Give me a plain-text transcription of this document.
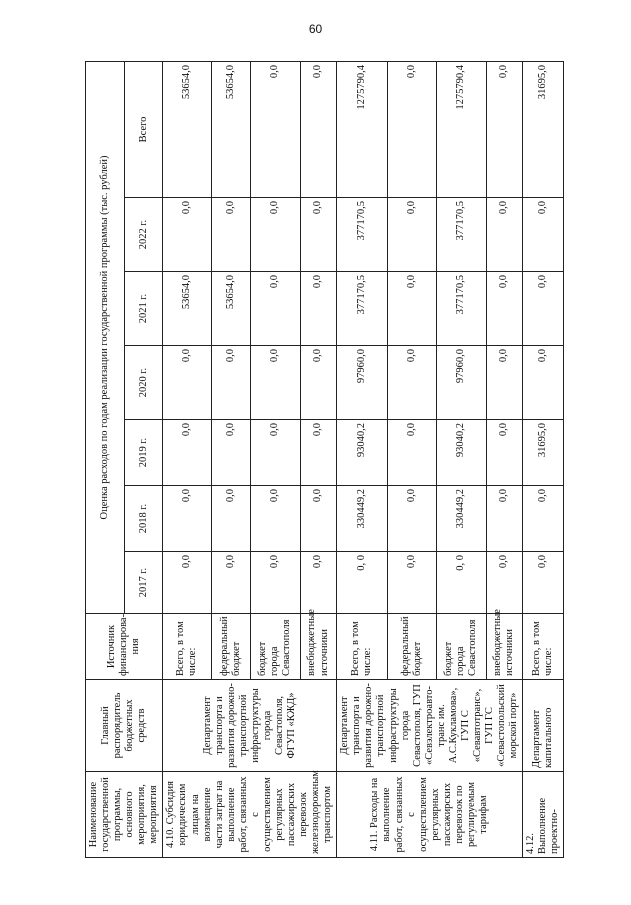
60
Наименование государственной программы, основного мероприятия, мероприятия	Главный распорядитель бюджетных средств	Источник финансирова-ния	Оценка расходов по годам реализации государственной программы (тыс. рублей)						
			2017 г.	2018 г.	2019 г.	2020 г.	2021 г.	2022 г.	Всего
4.10. Субсидия юридическим лицам на возмещение части затрат на выполнение работ, связанных с осуществлением регулярных пассажирских перевозок железнодорожным транспортом	Департамент транспорта и развития дорожно-транспортной инфраструктуры города Севастополя, ФГУП «КЖД»	Всего, в том числе:	0,0	0,0	0,0	0,0	53654,0	0,0	53654,0
		федеральный бюджет	0,0	0,0	0,0	0,0	53654,0	0,0	53654,0
		бюджет города Севастополя	0,0	0,0	0,0	0,0	0,0	0,0	0,0
		внебюджетные источники	0,0	0,0	0,0	0,0	0,0	0,0	0,0
4.11. Расходы на выполнение работ, связанных с осуществлением регулярных пассажирских перевозок по регулируемым тарифам	Департамент транспорта и развития дорожно-транспортной инфраструктуры города Севастополя, ГУП «Севэлектроавто-транс им. А.С.Кукламова», ГУП С «Севавтотранс», ГУП ГС «Севастопольский морской порт»	Всего, в том числе:	0, 0	330449,2	93040,2	97960,0	377170,5	377170,5	1275790,4
		федеральный бюджет	0,0	0,0	0,0	0,0	0,0	0,0	0,0
		бюджет города Севастополя	0, 0	330449,2	93040,2	97960,0	377170,5	377170,5	1275790,4
		внебюджетные источники	0,0	0,0	0,0	0,0	0,0	0,0	0,0
4.12. Выполнение проектно-	Департамент капитального	Всего, в том числе:	0,0	0,0	31695,0	0,0	0,0	0,0	31695,0
